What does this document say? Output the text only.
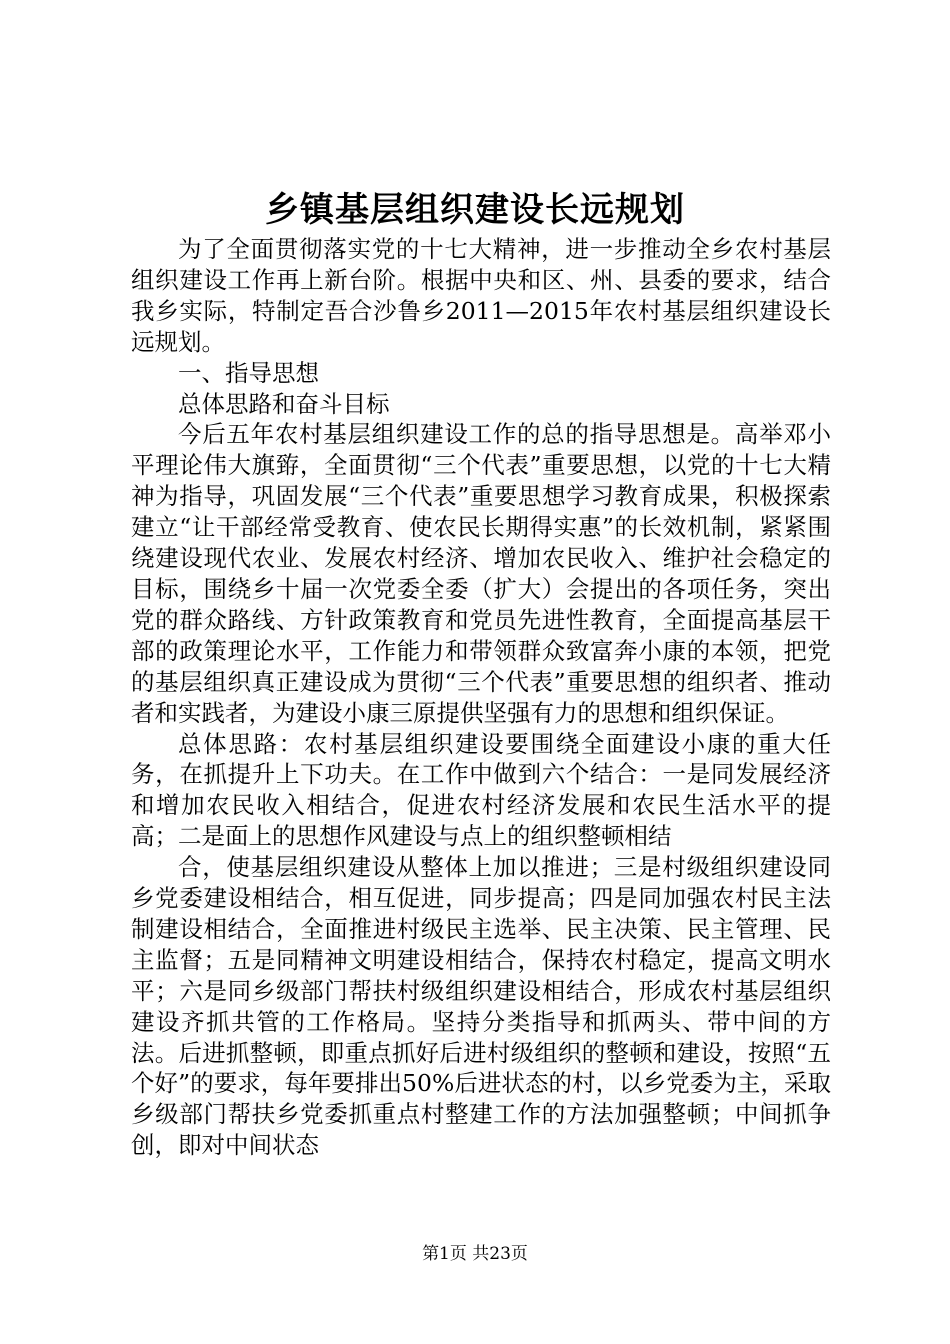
乡镇基层组织建设长远规划

为了全面贯彻落实党的十七大精神，进一步推动全乡农村基层组织建设工作再上新台阶。根据中央和区、州、县委的要求，结合我乡实际，特制定吾合沙鲁乡2011—2015年农村基层组织建设长远规划。

一、指导思想

总体思路和奋斗目标

今后五年农村基层组织建设工作的总的指导思想是。高举邓小平理论伟大旗臶，全面贯彻“三个代表”重要思想，以党的十七大精神为指导，巩固发展“三个代表”重要思想学习教育成果，积极探索建立“让干部经常受教育、使农民长期得实惠”的长效机制，紧紧围绕建设现代农业、发展农村经济、增加农民收入、维护社会稳定的目标，围绕乡十届一次党委全委（扩大）会提出的各项任务，突出党的群众路线、方针政策教育和党员先进性教育，全面提高基层干部的政策理论水平，工作能力和带领群众致富奔小康的本领，把党的基层组织真正建设成为贯彻“三个代表”重要思想的组织者、推动者和实践者，为建设小康三原提供坚强有力的思想和组织保证。

总体思路：农村基层组织建设要围绕全面建设小康的重大任务，在抓提升上下功夫。在工作中做到六个结合：一是同发展经济和增加农民收入相结合，促进农村经济发展和农民生活水平的提高；二是面上的思想作风建设与点上的组织整顿相结

合，使基层组织建设从整体上加以推进；三是村级组织建设同乡党委建设相结合，相互促进，同步提高；四是同加强农村民主法制建设相结合，全面推进村级民主选举、民主决策、民主管理、民主监督；五是同精神文明建设相结合，保持农村稳定，提高文明水平；六是同乡级部门帮扶村级组织建设相结合，形成农村基层组织建设齐抓共管的工作格局。坚持分类指导和抓两头、带中间的方法。后进抓整顿，即重点抓好后进村级组织的整顿和建设，按照“五个好”的要求，每年要排出50%后进状态的村，以乡党委为主，采取乡级部门帮扶乡党委抓重点村整建工作的方法加强整顿；中间抓争创，即对中间状态

第1页 共23页
